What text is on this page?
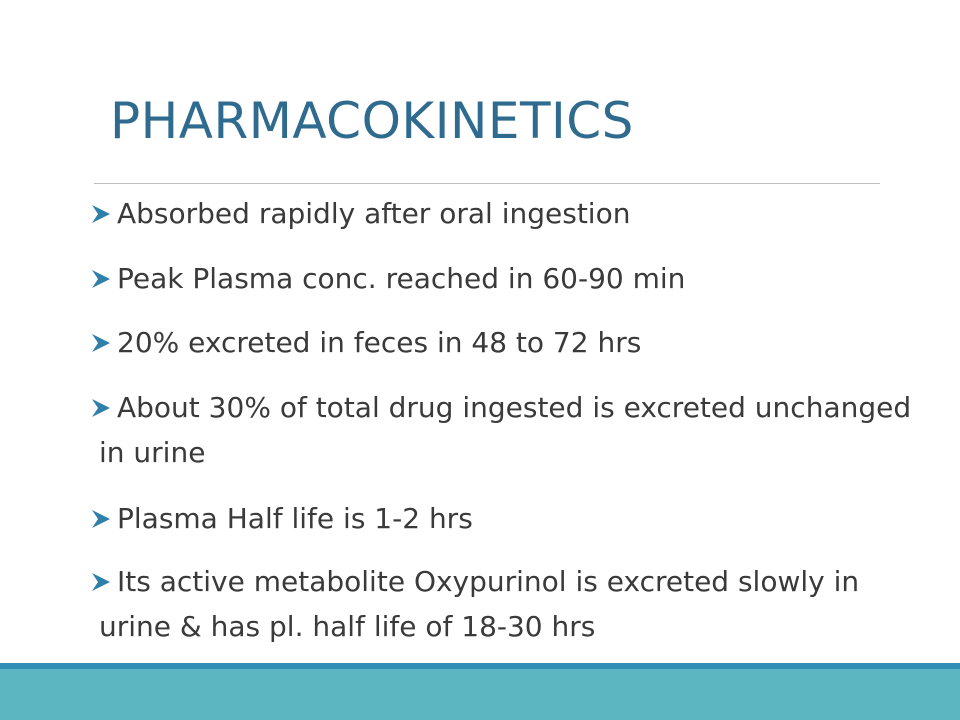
PHARMACOKINETICS
Absorbed rapidly after oral ingestion
Peak Plasma conc. reached in 60-90 min
20% excreted in feces in 48 to 72 hrs
About 30% of total drug ingested is excreted unchanged
in urine
Plasma Half life is 1-2 hrs
Its active metabolite Oxypurinol is excreted slowly in
urine & has pl. half life of 18-30 hrs
